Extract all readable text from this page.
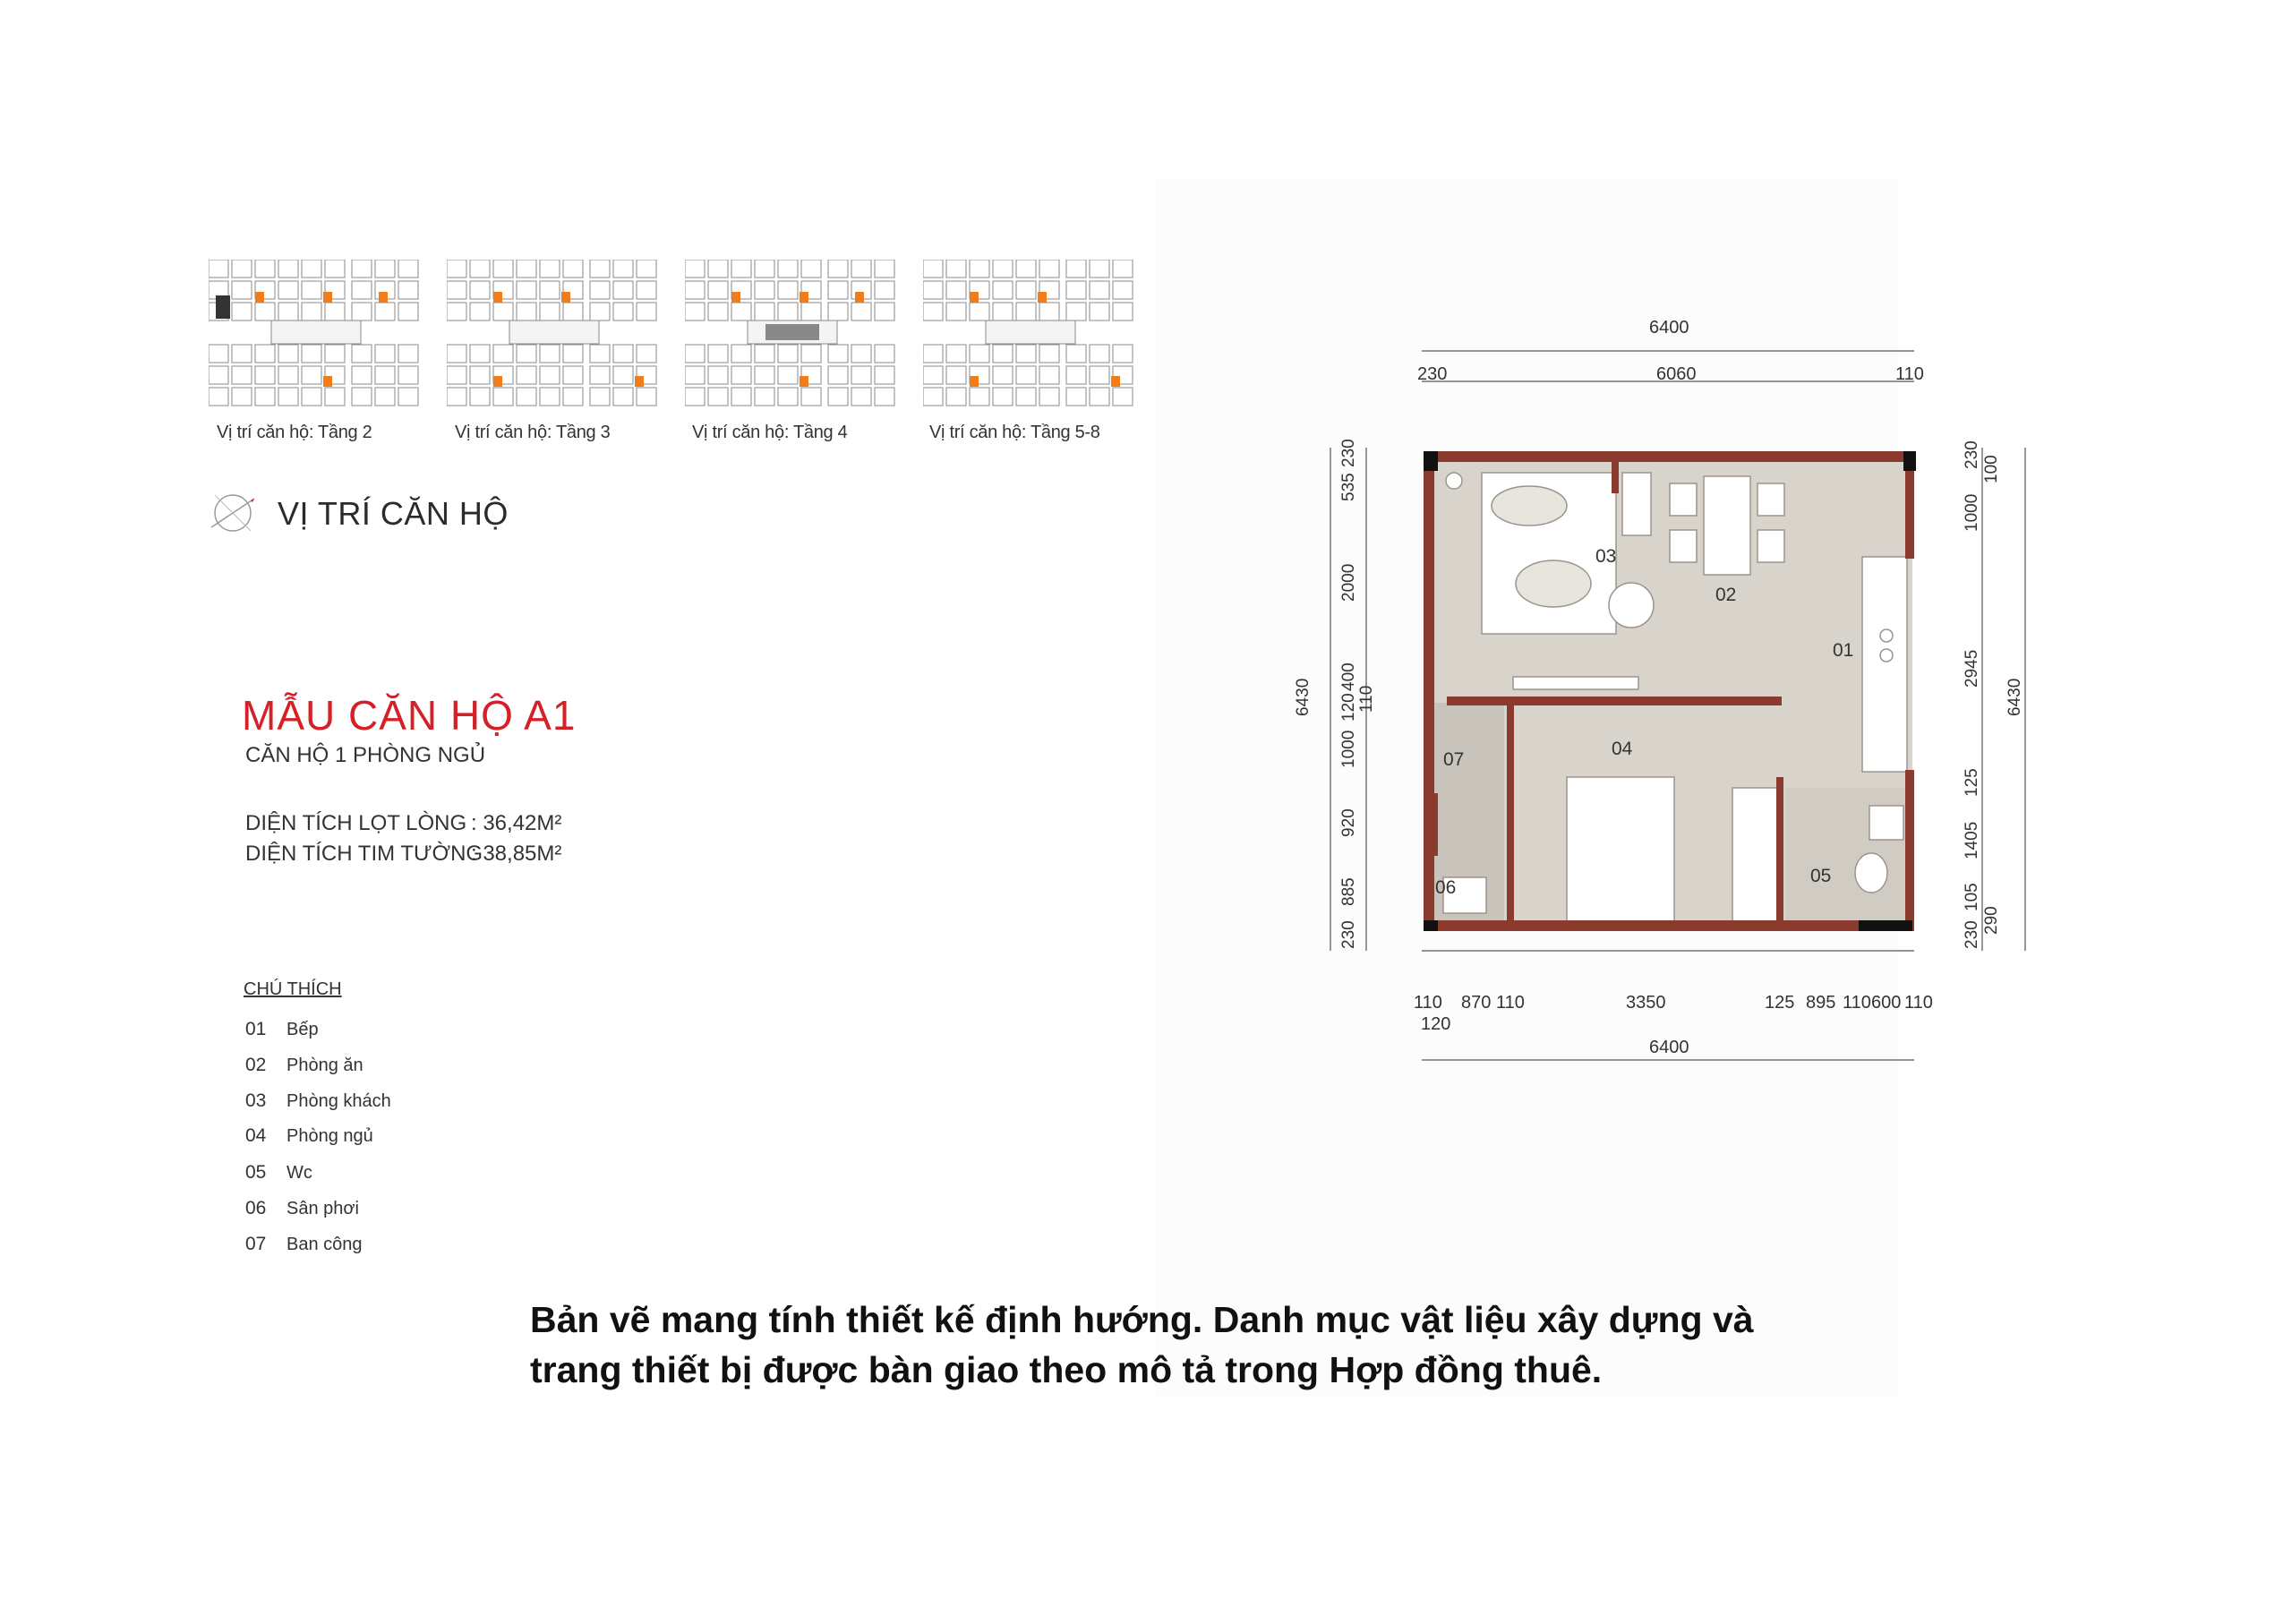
Vị trí căn hộ: Tầng 2	Vị trí căn hộ: Tầng 3	Vị trí căn hộ: Tầng 4	Vị trí căn hộ: Tầng 5-8
VỊ TRÍ CĂN HỘ
MẪU CĂN HỘ A1
CĂN HỘ 1 PHÒNG NGỦ
DIỆN TÍCH LỌT LÒNG : 36,42M²
DIỆN TÍCH TIM TƯỜNG
: 38,85M²
CHÚ THÍCH
01 Bếp
02 Phòng ăn
03 Phòng khách
04 Phòng ngủ
05 Wc
06 Sân phơi
07 Ban công
01
02
03
04
05
06
07
6400
230	6060	110
110 870 110	3350	125 895 110 600 110
120
6400
6430
230
535
2000
400
120 110
1000
920
885
230
6430
230
100
1000
2945
125
1405
105
290
230
Bản vẽ mang tính thiết kế định hướng. Danh mục vật liệu xây dựng và
trang thiết bị được bàn giao theo mô tả trong Hợp đồng thuê.
